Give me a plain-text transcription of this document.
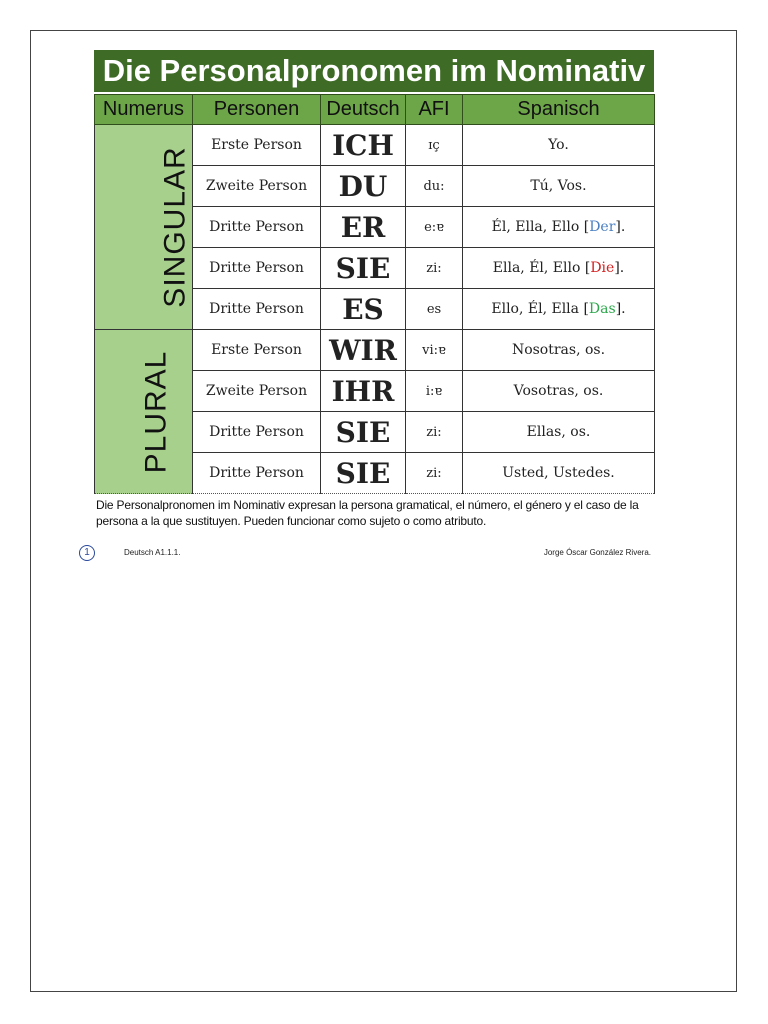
Die Personalpronomen im Nominativ
Numerus	Personen	Deutsch	AFI	Spanisch
SINGULAR	Erste Person	ICH	ɪç	Yo.
	Zweite Person	DU	du:	Tú, Vos.
	Dritte Person	ER	e:ɐ	Él, Ella, Ello [Der].
	Dritte Person	SIE	zi:	Ella, Él, Ello [Die].
	Dritte Person	ES	es	Ello, Él, Ella [Das].
PLURAL	Erste Person	WIR	vi:ɐ	Nosotras, os.
	Zweite Person	IHR	i:ɐ	Vosotras, os.
	Dritte Person	SIE	zi:	Ellas, os.
	Dritte Person	SIE	zi:	Usted, Ustedes.
Die Personalpronomen im Nominativ expresan la persona gramatical, el número, el género y el caso de la persona a la que sustituyen. Pueden funcionar como sujeto o como atributo.
1	Deutsch A1.1.1.	Jorge Óscar González Rivera.
